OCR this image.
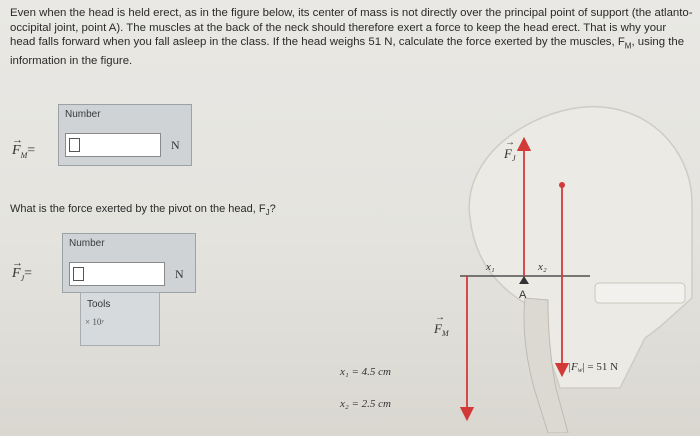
Even when the head is held erect, as in the figure below, its center of mass is not directly over the principal point of support (the atlanto-occipital joint, point A). The muscles at the back of the neck should therefore exert a force to keep the head erect. That is why your head falls forward when you fall asleep in the class. If the head weighs 51 N, calculate the force exerted by the muscles, $F_M$, using the information in the figure.

→
$F_M=$
Number
N
What is the force exerted by the pivot on the head, $F_J$?
→
$F_J=$
Number
N
Tools
× 10ʸ
x₁ = 4.5 cm
x₂ = 2.5 cm
$F_J$
→
$F_M$
→
x₁	x₂
A
|Fw| = 51 N
